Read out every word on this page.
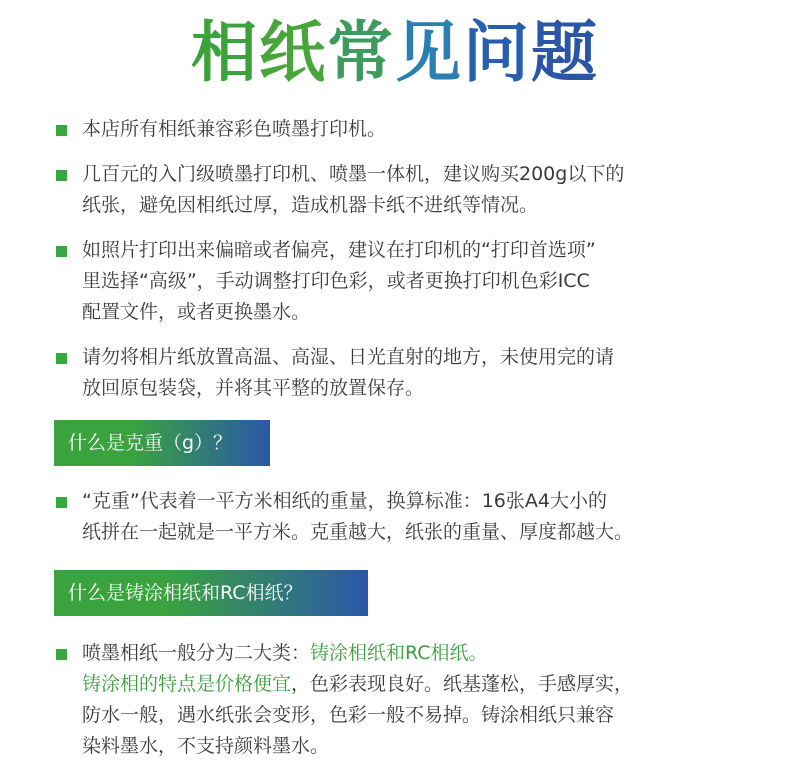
相纸常见问题
本店所有相纸兼容彩色喷墨打印机。
几百元的入门级喷墨打印机、喷墨一体机，建议购买200g以下的
纸张，避免因相纸过厚，造成机器卡纸不进纸等情况。
如照片打印出来偏暗或者偏亮，建议在打印机的“打印首选项”
里选择“高级”，手动调整打印色彩，或者更换打印机色彩ICC
配置文件，或者更换墨水。
请勿将相片纸放置高温、高湿、日光直射的地方，未使用完的请
放回原包装袋，并将其平整的放置保存。
什么是克重（g）？
“克重”代表着一平方米相纸的重量，换算标准：16张A4大小的
纸拼在一起就是一平方米。克重越大，纸张的重量、厚度都越大。
什么是铸涂相纸和RC相纸？
喷墨相纸一般分为二大类：铸涂相纸和RC相纸。
铸涂相的特点是价格便宜，色彩表现良好。纸基蓬松，手感厚实，
防水一般，遇水纸张会变形，色彩一般不易掉。铸涂相纸只兼容
染料墨水，不支持颜料墨水。
